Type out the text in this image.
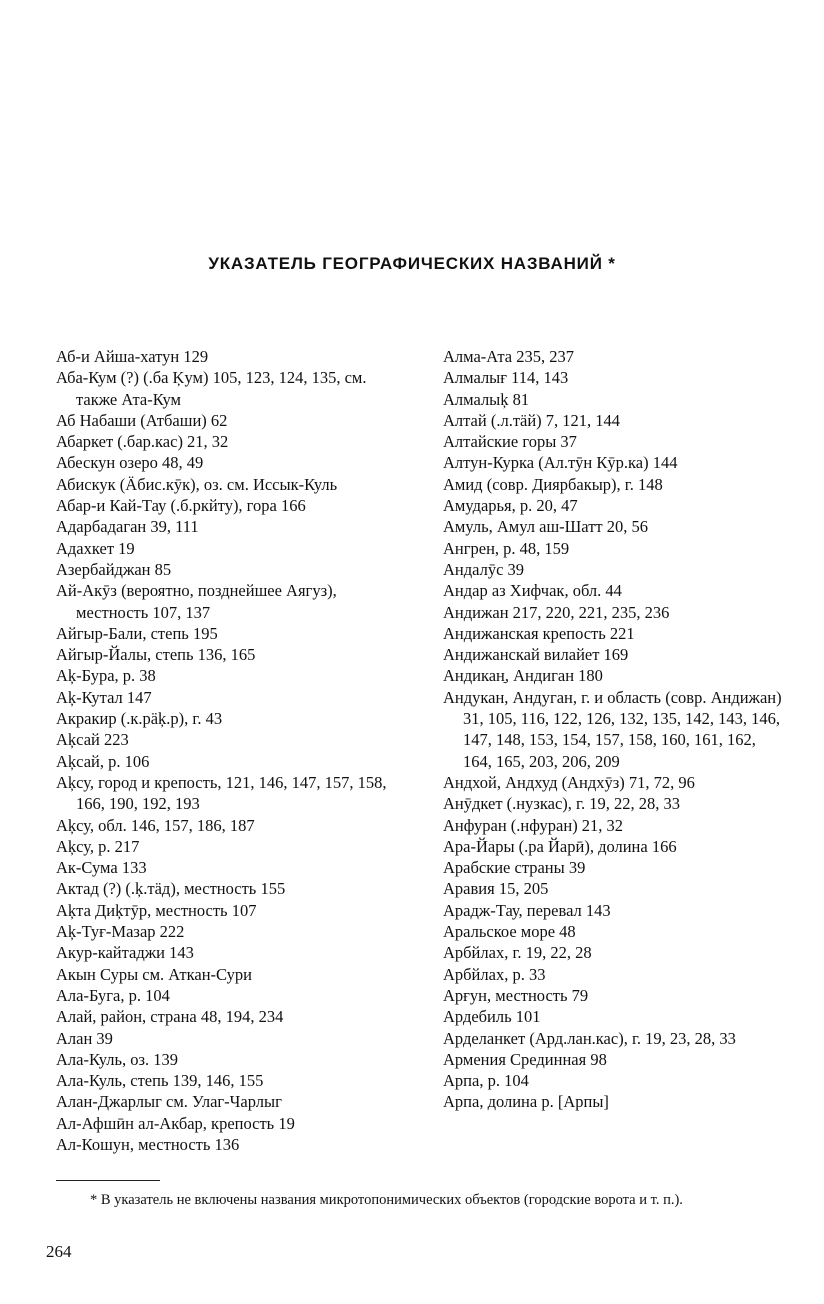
УКАЗАТЕЛЬ ГЕОГРАФИЧЕСКИХ НАЗВАНИЙ *
Аб-и Айша-хатун 129
Аба-Кум (?) (.ба Ķум) 105, 123, 124, 135, см. также Ата-Кум
Аб Набаши (Атбаши) 62
Абаркет (.бар.кас) 21, 32
Абескун озеро 48, 49
Абискук (Ӓбис.кӯк), оз. см. Иссык-Куль
Абар-и Кай-Тау (.б.ркйту), гора 166
Адарбадаган 39, 111
Адахкет 19
Азербайджан 85
Ай-Акӯз (вероятно, позднейшее Аягуз), местность 107, 137
Айгыр-Бали, степь 195
Айгыр-Йалы, степь 136, 165
Аķ-Бура, р. 38
Аķ-Кутал 147
Акракир (.к.рӓķ.р), г. 43
Аķсай 223
Аķсай, р. 106
Аķсу, город и крепость, 121, 146, 147, 157, 158, 166, 190, 192, 193
Аķсу, обл. 146, 157, 186, 187
Аķсу, р. 217
Ак-Сума 133
Актад (?) (.ķ.тӓд), местность 155
Аķта Диķтӯр, местность 107
Аķ-Туғ-Мазар 222
Акур-кайтаджи 143
Акын Суры см. Аткан-Сури
Ала-Буга, р. 104
Алай, район, страна 48, 194, 234
Алан 39
Ала-Куль, оз. 139
Ала-Куль, степь 139, 146, 155
Алан-Джарлыг см. Улаг-Чарлыг
Ал-Афшӣн ал-Акбар, крепость 19
Ал-Кошун, местность 136
Алма-Ата 235, 237
Алмалығ 114, 143
Алмалыķ 81
Алтай (.л.тӓй) 7, 121, 144
Алтайские горы 37
Алтун-Курка (Ал.тӯн Кӯр.ка) 144
Амид (совр. Диярбакыр), г. 148
Амударья, р. 20, 47
Амуль, Амул аш-Шатт 20, 56
Ангрен, р. 48, 159
Андалӯс 39
Андар аз Хифчак, обл. 44
Андижан 217, 220, 221, 235, 236
Андижанская крепость 221
Андижанскай вилайет 169
Андиканַ, Андиган 180
Андукан, Андуган, г. и область (совр. Андижан) 31, 105, 116, 122, 126, 132, 135, 142, 143, 146, 147, 148, 153, 154, 157, 158, 160, 161, 162, 164, 165, 203, 206, 209
Андхой, Андхуд (Андхӯз) 71, 72, 96
Анӯдкет (.нузкас), г. 19, 22, 28, 33
Анфуран (.нфуран) 21, 32
Ара-Йары (.ра Йарӣ), долина 166
Арабские страны 39
Аравия 15, 205
Арадж-Тау, перевал 143
Аральское море 48
Арбйлах, г. 19, 22, 28
Арбйлах, р. 33
Арғун, местность 79
Ардебиль 101
Арделанкет (Ард.лан.кас), г. 19, 23, 28, 33
Армения Срединная 98
Арпа, р. 104
Арпа, долина р. [Арпы]
* В указатель не включены названия микротопонимических объектов (городские ворота и т. п.).
264
